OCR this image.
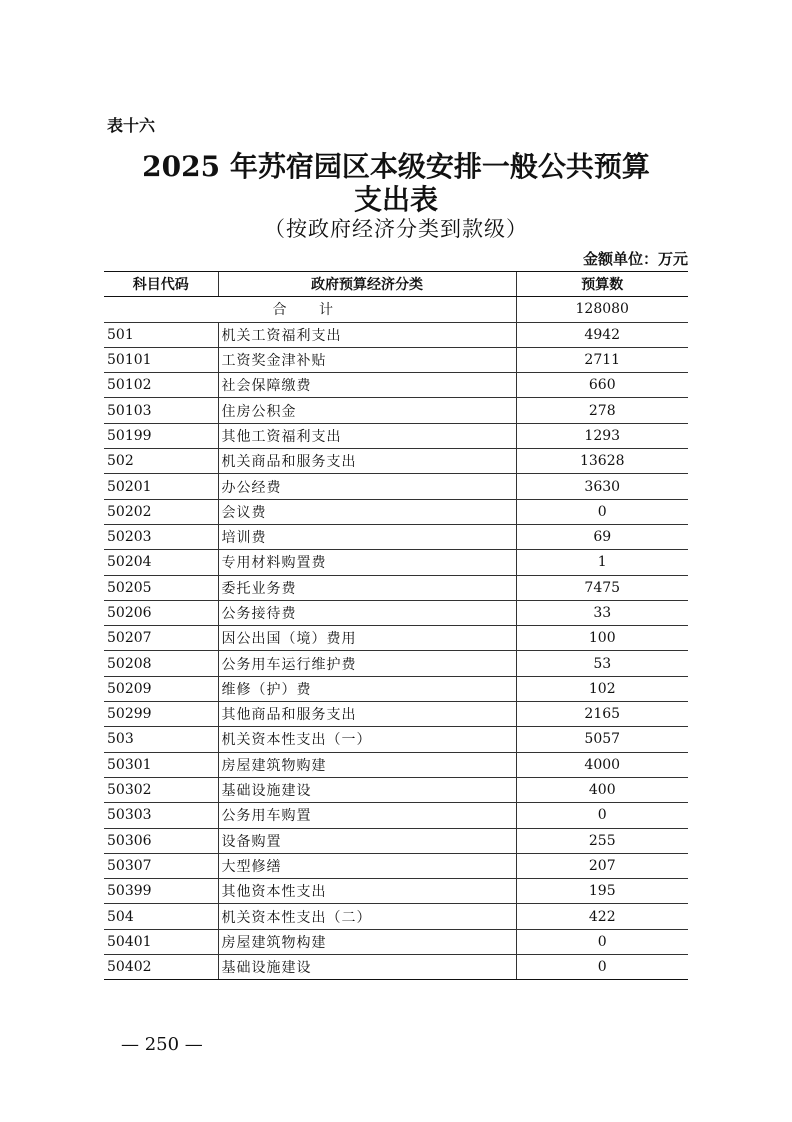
表十六
2025 年苏宿园区本级安排一般公共预算
支出表
（按政府经济分类到款级）
金额单位：万元
科目代码	政府预算经济分类	预算数
合 计		128080
501	机关工资福利支出	4942
50101	工资奖金津补贴	2711
50102	社会保障缴费	660
50103	住房公积金	278
50199	其他工资福利支出	1293
502	机关商品和服务支出	13628
50201	办公经费	3630
50202	会议费	0
50203	培训费	69
50204	专用材料购置费	1
50205	委托业务费	7475
50206	公务接待费	33
50207	因公出国（境）费用	100
50208	公务用车运行维护费	53
50209	维修（护）费	102
50299	其他商品和服务支出	2165
503	机关资本性支出（一）	5057
50301	房屋建筑物购建	4000
50302	基础设施建设	400
50303	公务用车购置	0
50306	设备购置	255
50307	大型修缮	207
50399	其他资本性支出	195
504	机关资本性支出（二）	422
50401	房屋建筑物构建	0
50402	基础设施建设	0
— 250 —
